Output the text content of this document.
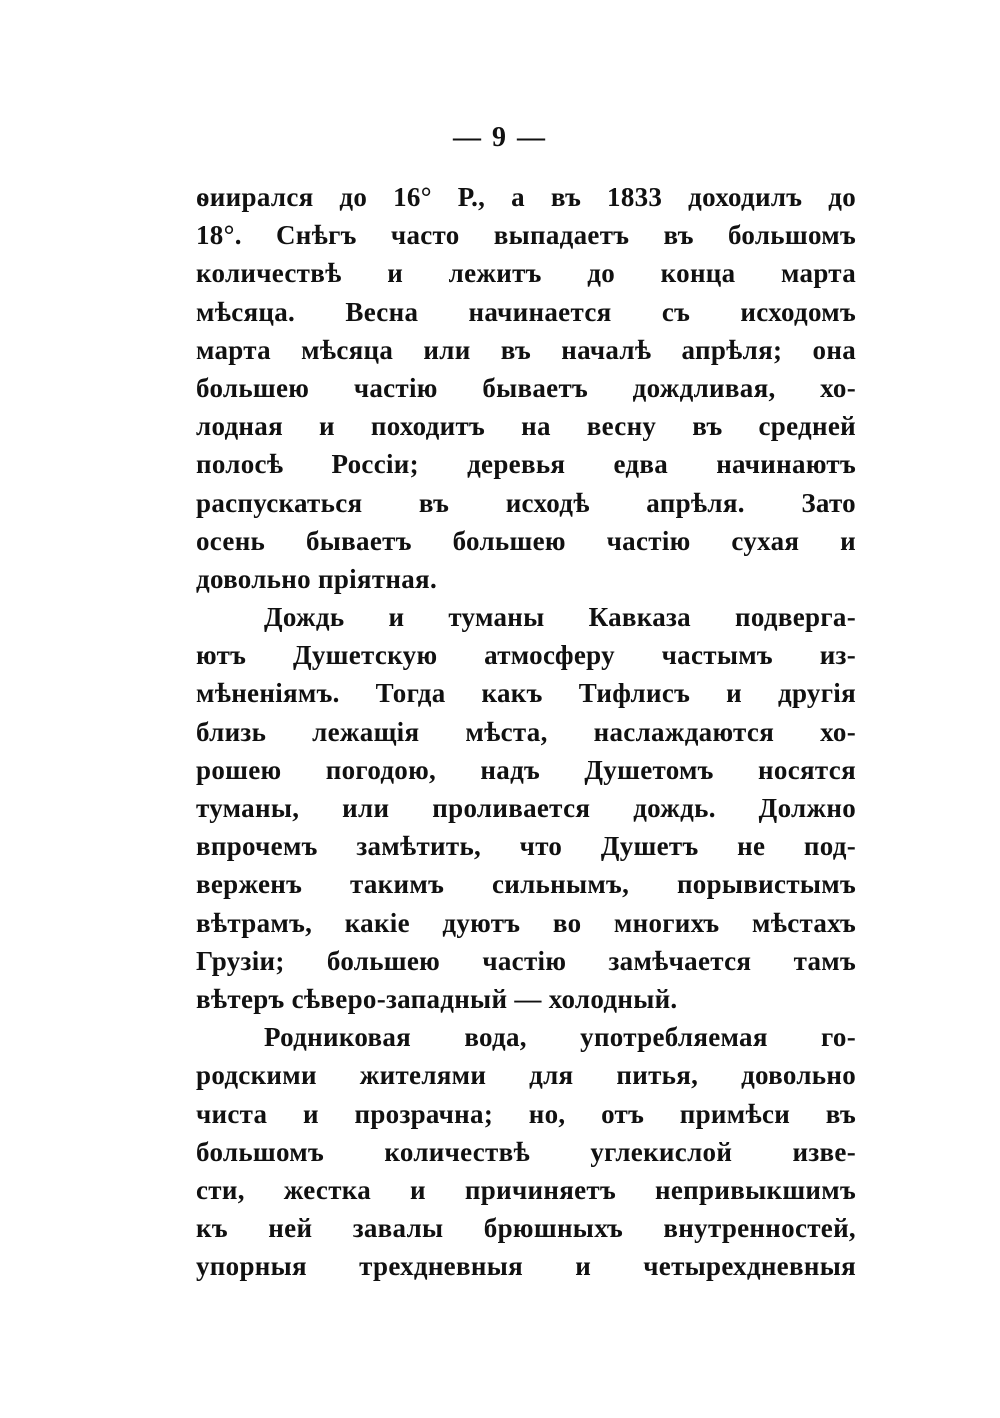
— 9 —
ѳиирался до 16° Р., а въ 1833 доходилъ до
18°. Снѣгъ часто выпадаетъ въ большомъ
количествѣ и лежитъ до конца марта
мѣсяца. Весна начинается съ исходомъ
марта мѣсяца или въ началѣ апрѣля; она
большею частію бываетъ дождливая, хо-
лодная и походитъ на весну въ средней
полосѣ Россіи; деревья едва начинаютъ
распускаться въ исходѣ апрѣля. Зато
осень бываетъ большею частію сухая и
довольно пріятная.
Дождь и туманы Кавказа подверга-
ютъ Душетскую атмосферу частымъ из-
мѣненіямъ. Тогда какъ Тифлисъ и другія
близь лежащія мѣста, наслаждаются хо-
рошею погодою, надъ Душетомъ носятся
туманы, или проливается дождь. Должно
впрочемъ замѣтить, что Душетъ не под-
верженъ такимъ сильнымъ, порывистымъ
вѣтрамъ, какіе дуютъ во многихъ мѣстахъ
Грузіи; большею частію замѣчается тамъ
вѣтеръ сѣверо-западный — холодный.
Родниковая вода, употребляемая го-
родскими жителями для питья, довольно
чиста и прозрачна; но, отъ примѣси въ
большомъ количествѣ углекислой изве-
сти, жестка и причиняетъ непривыкшимъ
къ ней завалы брюшныхъ внутренностей,
упорныя трехдневныя и четырехдневныя
